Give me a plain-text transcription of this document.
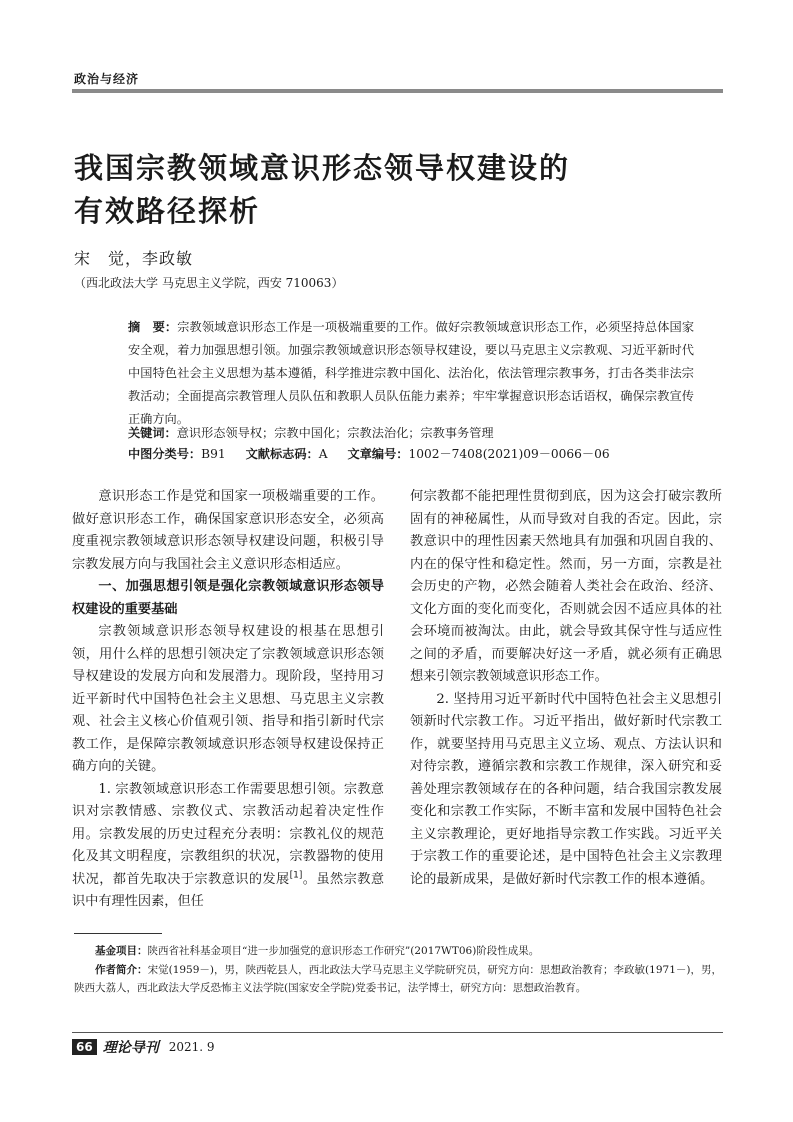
政治与经济
我国宗教领域意识形态领导权建设的
有效路径探析
宋　觉，李政敏
（西北政法大学 马克思主义学院，西安 710063）
摘　要：宗教领域意识形态工作是一项极端重要的工作。做好宗教领域意识形态工作，必须坚持总体国家安全观，着力加强思想引领。加强宗教领域意识形态领导权建设，要以马克思主义宗教观、习近平新时代中国特色社会主义思想为基本遵循，科学推进宗教中国化、法治化，依法管理宗教事务，打击各类非法宗教活动；全面提高宗教管理人员队伍和教职人员队伍能力素养；牢牢掌握意识形态话语权，确保宗教宣传正确方向。
关键词：意识形态领导权；宗教中国化；宗教法治化；宗教事务管理
中图分类号：B91 文献标志码：A 文章编号：1002－7408(2021)09－0066－06

意识形态工作是党和国家一项极端重要的工作。做好意识形态工作，确保国家意识形态安全，必须高度重视宗教领域意识形态领导权建设问题，积极引导宗教发展方向与我国社会主义意识形态相适应。

一、加强思想引领是强化宗教领域意识形态领导权建设的重要基础

宗教领域意识形态领导权建设的根基在思想引领，用什么样的思想引领决定了宗教领域意识形态领导权建设的发展方向和发展潜力。现阶段，坚持用习近平新时代中国特色社会主义思想、马克思主义宗教观、社会主义核心价值观引领、指导和指引新时代宗教工作，是保障宗教领域意识形态领导权建设保持正确方向的关键。

1. 宗教领域意识形态工作需要思想引领。宗教意识对宗教情感、宗教仪式、宗教活动起着决定性作用。宗教发展的历史过程充分表明：宗教礼仪的规范化及其文明程度，宗教组织的状况，宗教器物的使用状况，都首先取决于宗教意识的发展[1]。虽然宗教意识中有理性因素，但任

何宗教都不能把理性贯彻到底，因为这会打破宗教所固有的神秘属性，从而导致对自我的否定。因此，宗教意识中的理性因素天然地具有加强和巩固自我的、内在的保守性和稳定性。然而，另一方面，宗教是社会历史的产物，必然会随着人类社会在政治、经济、文化方面的变化而变化，否则就会因不适应具体的社会环境而被淘汰。由此，就会导致其保守性与适应性之间的矛盾，而要解决好这一矛盾，就必须有正确思想来引领宗教领域意识形态工作。

2. 坚持用习近平新时代中国特色社会主义思想引领新时代宗教工作。习近平指出，做好新时代宗教工作，就要坚持用马克思主义立场、观点、方法认识和对待宗教，遵循宗教和宗教工作规律，深入研究和妥善处理宗教领域存在的各种问题，结合我国宗教发展变化和宗教工作实际，不断丰富和发展中国特色社会主义宗教理论，更好地指导宗教工作实践。习近平关于宗教工作的重要论述，是中国特色社会主义宗教理论的最新成果，是做好新时代宗教工作的根本遵循。

基金项目：陕西省社科基金项目“进一步加强党的意识形态工作研究”(2017WT06)阶段性成果。

作者简介：宋觉(1959－)，男，陕西乾县人，西北政法大学马克思主义学院研究员，研究方向：思想政治教育；李政敏(1971－)，男，陕西大荔人，西北政法大学反恐怖主义法学院(国家安全学院)党委书记，法学博士，研究方向：思想政治教育。

66 理论导刊 2021. 9
